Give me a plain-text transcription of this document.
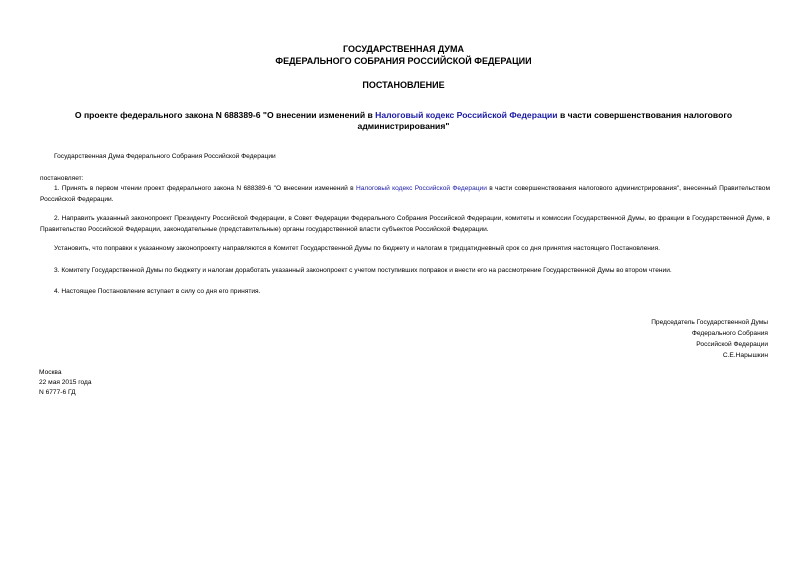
ГОСУДАРСТВЕННАЯ ДУМА
ФЕДЕРАЛЬНОГО СОБРАНИЯ РОССИЙСКОЙ ФЕДЕРАЦИИ
ПОСТАНОВЛЕНИЕ
О проекте федерального закона N 688389-6 "О внесении изменений в Налоговый кодекс Российской Федерации в части совершенствования налогового администрирования"
Государственная Дума Федерального Собрания Российской Федерации
постановляет:
1. Принять в первом чтении проект федерального закона N 688389-6 "О внесении изменений в Налоговый кодекс Российской Федерации в части совершенствования налогового администрирования", внесенный Правительством Российской Федерации.
2. Направить указанный законопроект Президенту Российской Федерации, в Совет Федерации Федерального Собрания Российской Федерации, комитеты и комиссии Государственной Думы, во фракции в Государственной Думе, в Правительство Российской Федерации, законодательные (представительные) органы государственной власти субъектов Российской Федерации.
Установить, что поправки к указанному законопроекту направляются в Комитет Государственной Думы по бюджету и налогам в тридцатидневный срок со дня принятия настоящего Постановления.
3. Комитету Государственной Думы по бюджету и налогам доработать указанный законопроект с учетом поступивших поправок и внести его на рассмотрение Государственной Думы во втором чтении.
4. Настоящее Постановление вступает в силу со дня его принятия.
Председатель Государственной Думы
Федерального Собрания
Российской Федерации
С.Е.Нарышкин
Москва
22 мая 2015 года
N 6777-6 ГД
